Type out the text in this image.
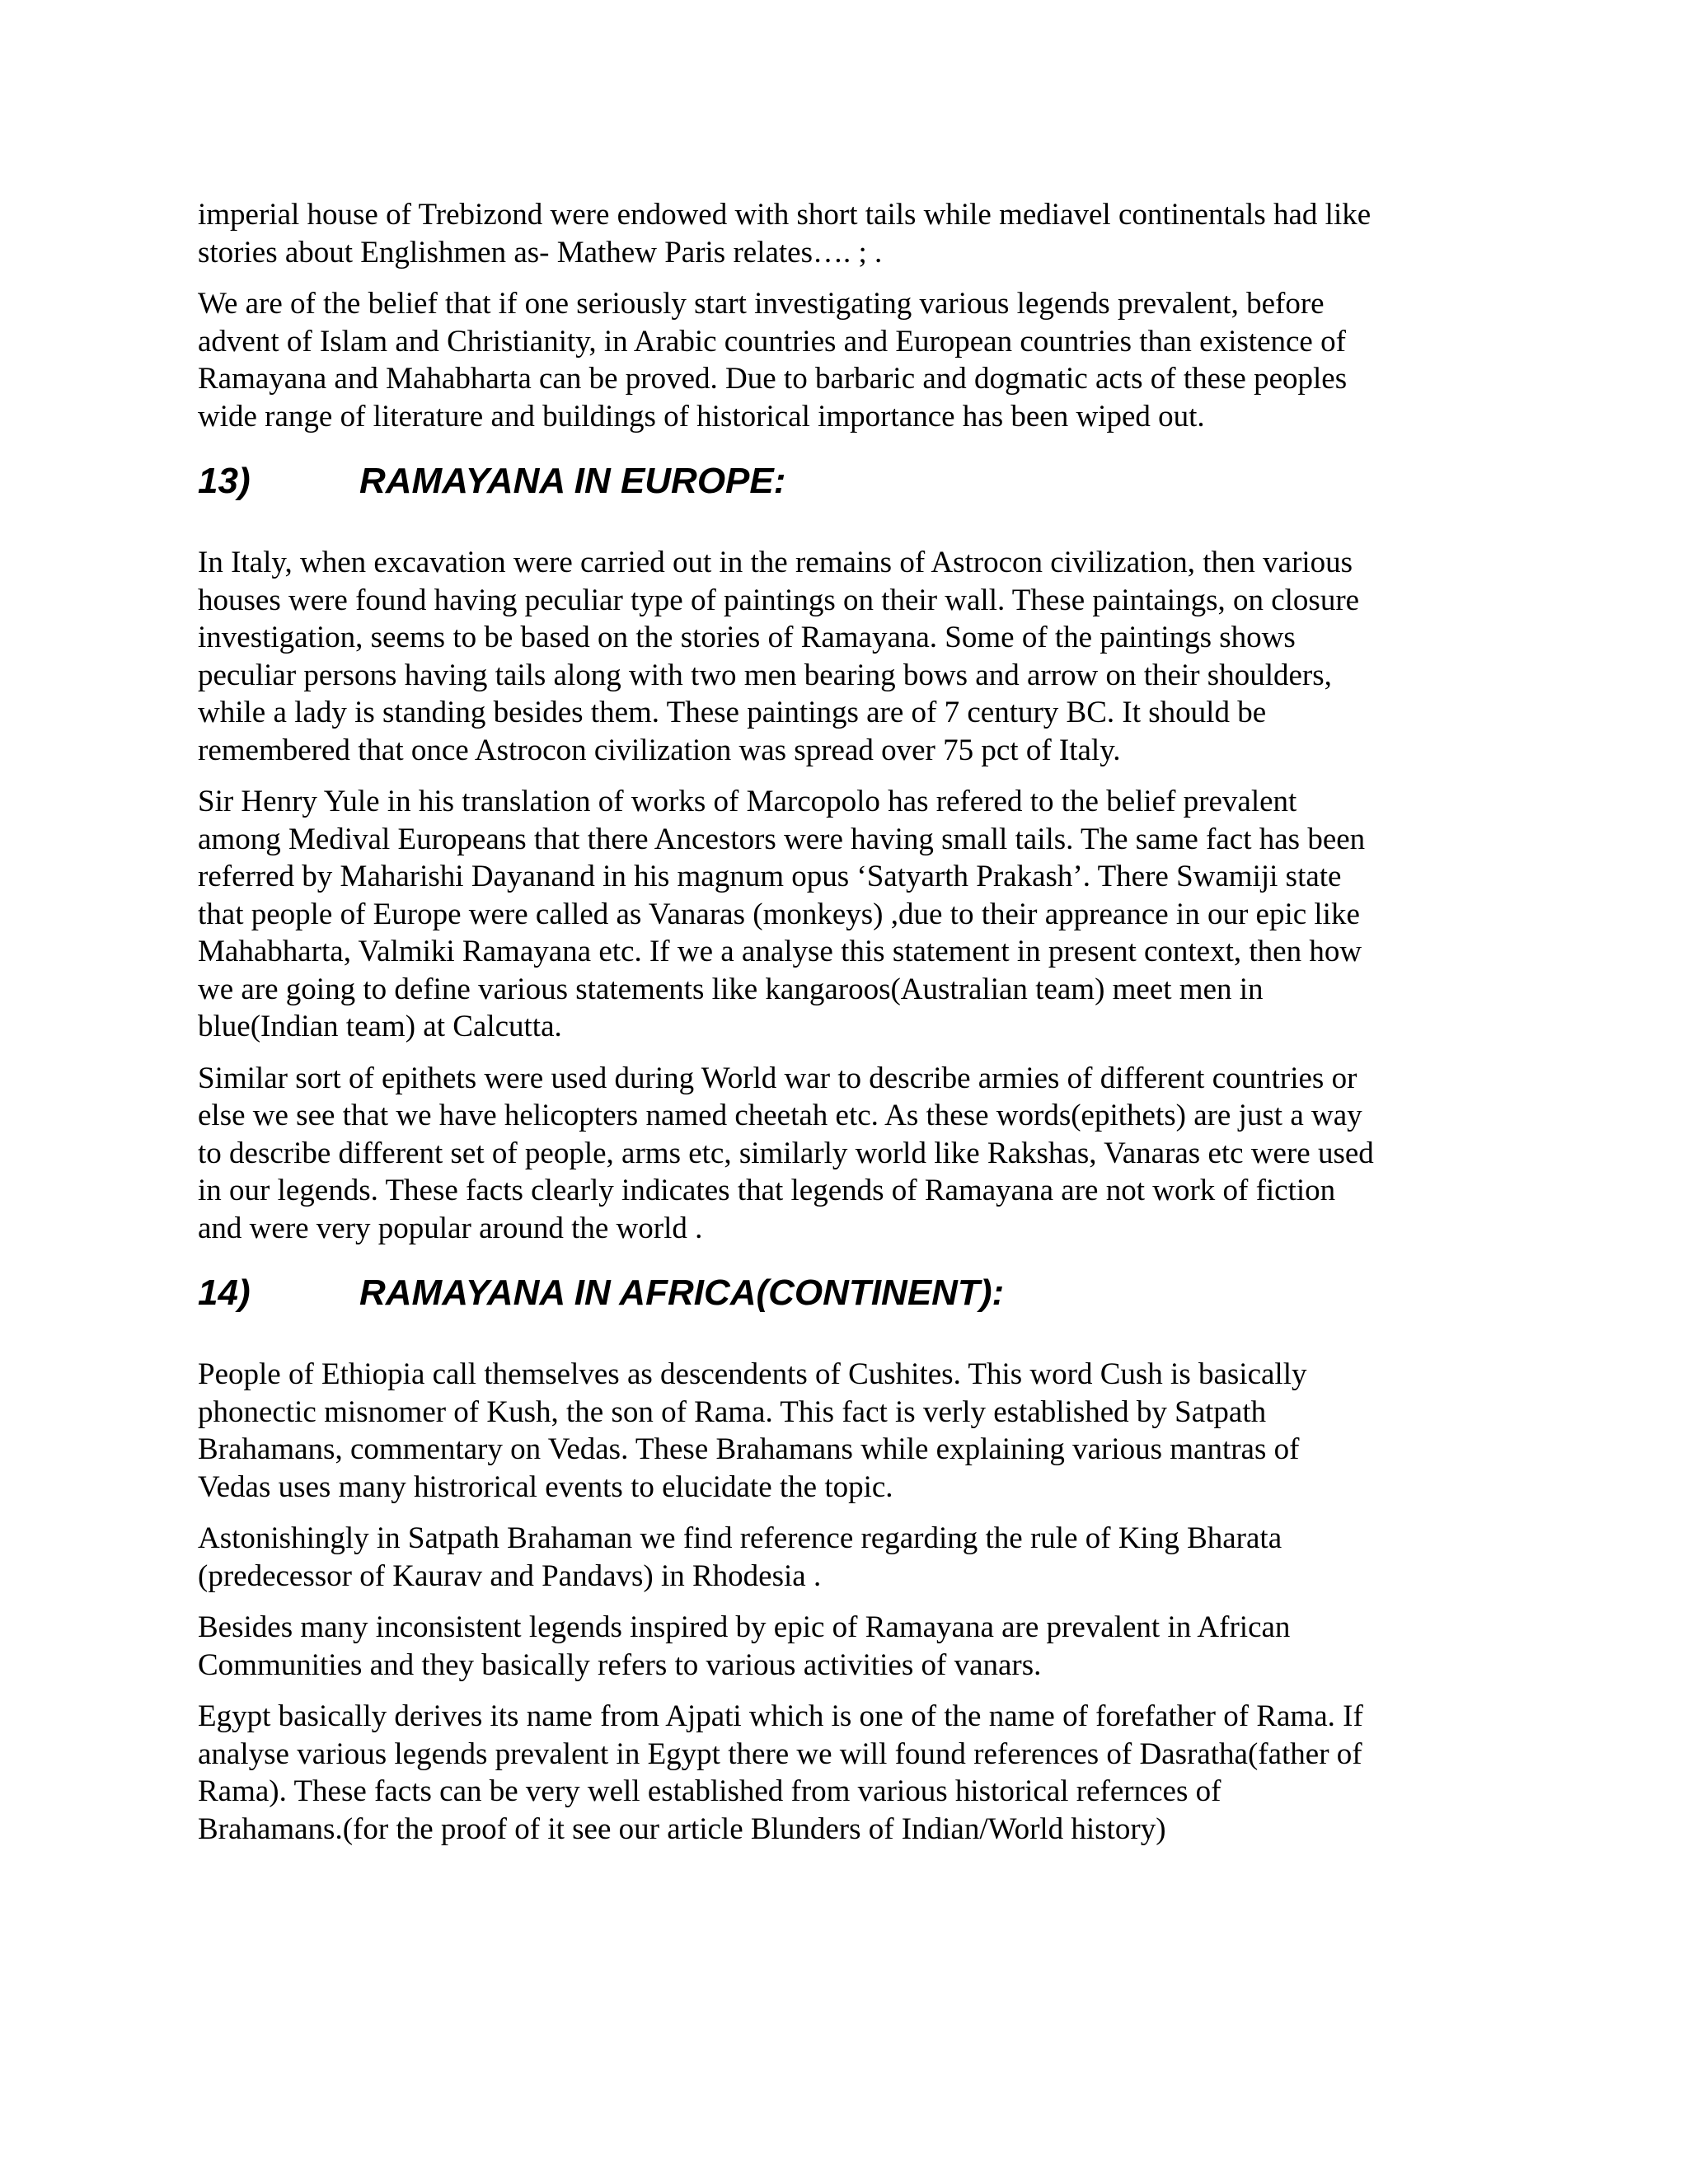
imperial house of Trebizond were endowed with short tails while mediavel continentals had like
stories about Englishmen as- Mathew Paris relates…. ; .

We are of the belief that if one seriously start investigating various legends prevalent, before
advent of Islam and Christianity, in Arabic countries and European countries than existence of
Ramayana and Mahabharta can be proved. Due to barbaric and dogmatic acts of these peoples
wide range of literature and buildings of historical importance has been wiped out.

13)	RAMAYANA IN EUROPE:

In Italy, when excavation were carried out in the remains of Astrocon civilization, then various
houses were found having peculiar type of paintings on their wall. These paintaings, on closure
investigation, seems to be based on the stories of Ramayana. Some of the paintings shows
peculiar persons having tails along with two men bearing bows and arrow on their shoulders,
while a lady is standing besides them. These paintings are of 7 century BC. It should be
remembered that once Astrocon civilization was spread over 75 pct of Italy.

Sir Henry Yule in his translation of works of Marcopolo has refered to the belief prevalent
among Medival Europeans that there Ancestors were having small tails. The same fact has been
referred by Maharishi Dayanand in his magnum opus ‘Satyarth Prakash’. There Swamiji state
that people of Europe were called as Vanaras (monkeys) ,due to their appreance in our epic like
Mahabharta, Valmiki Ramayana etc. If we a analyse this statement in present context, then how
we are going to define various statements like kangaroos(Australian team) meet men in
blue(Indian team) at Calcutta.

Similar sort of epithets were used during World war to describe armies of different countries or
else we see that we have helicopters named cheetah etc. As these words(epithets) are just a way
to describe different set of people, arms etc, similarly world like Rakshas, Vanaras etc were used
in our legends. These facts clearly indicates that legends of Ramayana are not work of fiction
and were very popular around the world .

14)	RAMAYANA IN AFRICA(CONTINENT):

People of Ethiopia call themselves as descendents of Cushites. This word Cush is basically
phonectic misnomer of Kush, the son of Rama. This fact is verly established by Satpath
Brahamans, commentary on Vedas. These Brahamans while explaining various mantras of
Vedas uses many histrorical events to elucidate the topic.

Astonishingly in Satpath Brahaman we find reference regarding the rule of King Bharata
(predecessor of Kaurav and Pandavs) in Rhodesia .

Besides many inconsistent legends inspired by epic of Ramayana are prevalent in African
Communities and they basically refers to various activities of vanars.

Egypt basically derives its name from Ajpati which is one of the name of forefather of Rama. If
analyse various legends prevalent in Egypt there we will found references of Dasratha(father of
Rama). These facts can be very well established from various historical refernces of
Brahamans.(for the proof of it see our article Blunders of Indian/World history)
